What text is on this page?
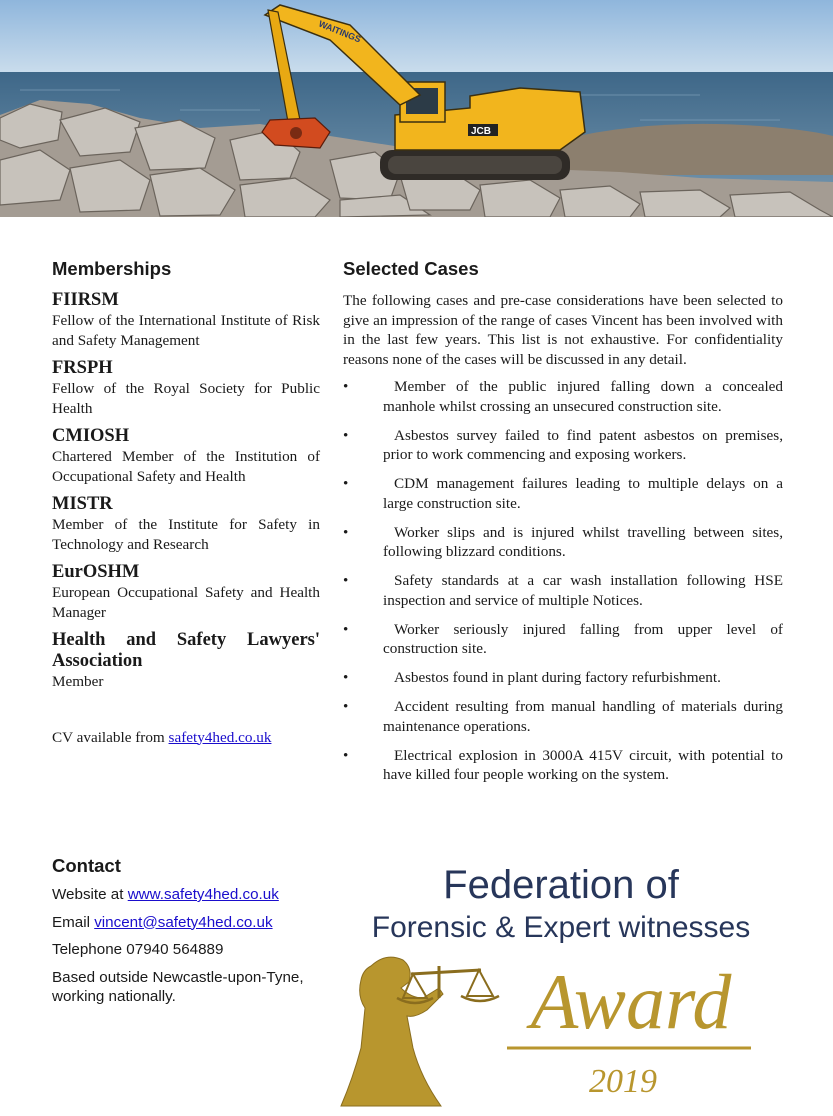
JCB
WAITINGS
Memberships

FIIRSM

Fellow of the International Institute of Risk and Safety Management

FRSPH

Fellow of the Royal Society for Public Health

CMIOSH

Chartered Member of the Institution of Occupational Safety and Health

MISTR

Member of the Institute for Safety in Technology and Research

EurOSHM

European Occupational Safety and Health Manager

Health and Safety Lawyers' Association

Member

CV available from safety4hed.co.uk
Selected Cases

The following cases and pre-case considerations have been selected to give an impression of the range of cases Vincent has been involved with in the last few years. This list is not exhaustive. For confidentiality reasons none of the cases will be discussed in any detail.

•	Member of the public injured falling down a concealed manhole whilst crossing an unsecured construction site.
•	Asbestos survey failed to find patent asbestos on premises, prior to work commencing and exposing workers.
•	CDM management failures leading to multiple delays on a large construction site.
•	Worker slips and is injured whilst travelling between sites, following blizzard conditions.
•	Safety standards at a car wash installation following HSE inspection and service of multiple Notices.
•	Worker seriously injured falling from upper level of construction site.
•	Asbestos found in plant during factory refurbishment.
•	Accident resulting from manual handling of materials during maintenance operations.
•	Electrical explosion in 3000A 415V circuit, with potential to have killed four people working on the system.
Contact

Website at www.safety4hed.co.uk

Email vincent@safety4hed.co.uk

Telephone 07940 564889

Based outside Newcastle-upon-Tyne, working nationally.

Federation of
Forensic & Expert witnesses
Award
2019
